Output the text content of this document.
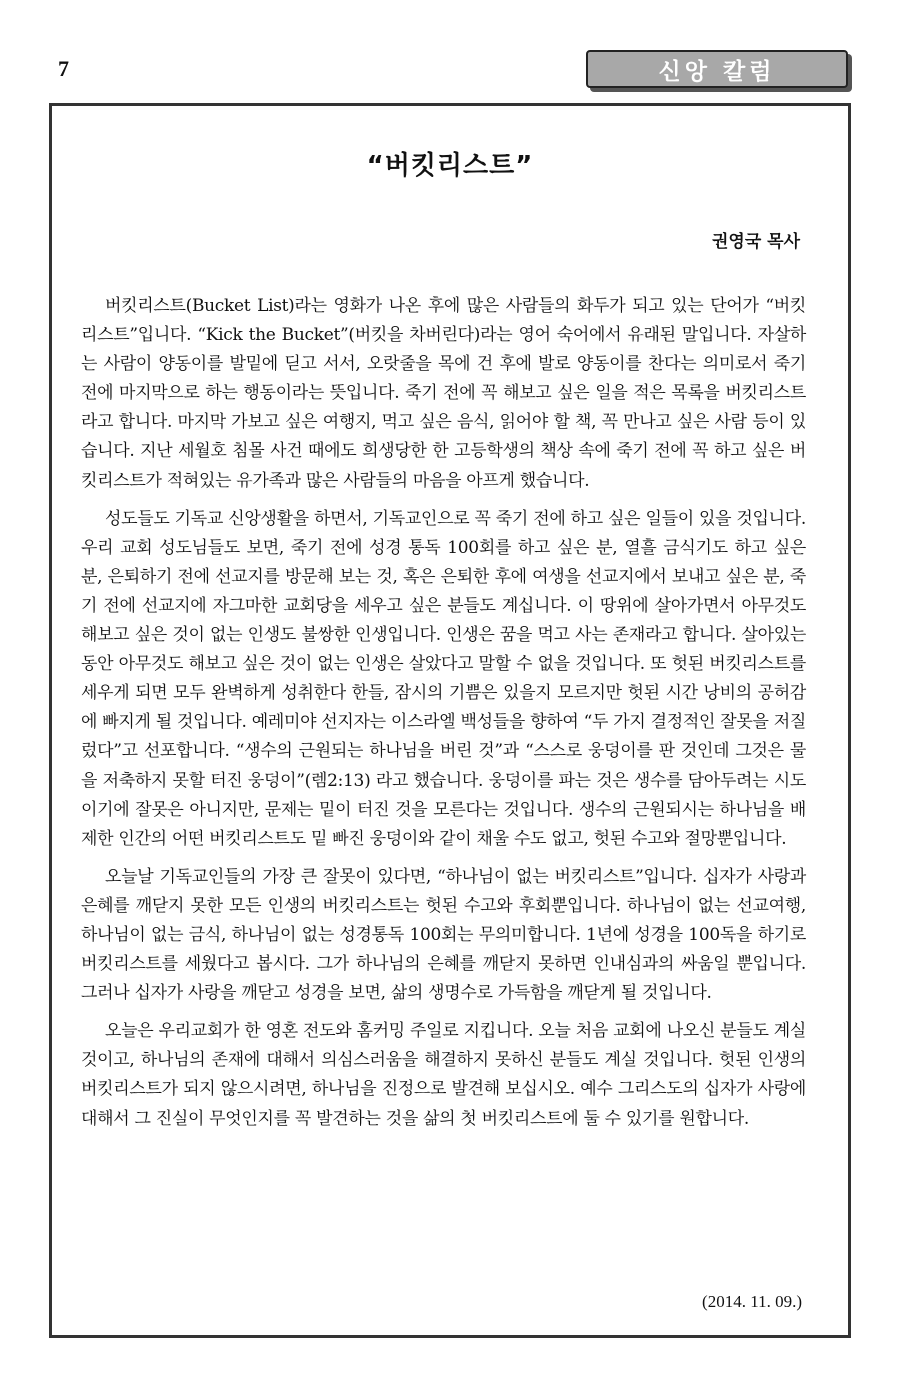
7	신앙 칼럼
“버킷리스트”
권영국 목사

버킷리스트(Bucket List)라는 영화가 나온 후에 많은 사람들의 화두가 되고 있는 단어가 “버킷 리스트”입니다. “Kick the Bucket”(버킷을 차버린다)라는 영어 숙어에서 유래된 말입니다. 자살하는 사람이 양동이를 발밑에 딛고 서서, 오랏줄을 목에 건 후에 발로 양동이를 찬다는 의미로서 죽기 전에 마지막으로 하는 행동이라는 뜻입니다. 죽기 전에 꼭 해보고 싶은 일을 적은 목록을 버킷리스트라고 합니다. 마지막 가보고 싶은 여행지, 먹고 싶은 음식, 읽어야 할 책, 꼭 만나고 싶은 사람 등이 있습니다. 지난 세월호 침몰 사건 때에도 희생당한 한 고등학생의 책상 속에 죽기 전에 꼭 하고 싶은 버킷리스트가 적혀있는 유가족과 많은 사람들의 마음을 아프게 했습니다.

성도들도 기독교 신앙생활을 하면서, 기독교인으로 꼭 죽기 전에 하고 싶은 일들이 있을 것입니다. 우리 교회 성도님들도 보면, 죽기 전에 성경 통독 100회를 하고 싶은 분, 열흘 금식기도 하고 싶은 분, 은퇴하기 전에 선교지를 방문해 보는 것, 혹은 은퇴한 후에 여생을 선교지에서 보내고 싶은 분, 죽기 전에 선교지에 자그마한 교회당을 세우고 싶은 분들도 계십니다. 이 땅위에 살아가면서 아무것도 해보고 싶은 것이 없는 인생도 불쌍한 인생입니다. 인생은 꿈을 먹고 사는 존재라고 합니다. 살아있는 동안 아무것도 해보고 싶은 것이 없는 인생은 살았다고 말할 수 없을 것입니다. 또 헛된 버킷리스트를 세우게 되면 모두 완벽하게 성취한다 한들, 잠시의 기쁨은 있을지 모르지만 헛된 시간 낭비의 공허감에 빠지게 될 것입니다. 예레미야 선지자는 이스라엘 백성들을 향하여 “두 가지 결정적인 잘못을 저질렀다”고 선포합니다. “생수의 근원되는 하나님을 버린 것”과 “스스로 웅덩이를 판 것인데 그것은 물을 저축하지 못할 터진 웅덩이”(렘2:13) 라고 했습니다. 웅덩이를 파는 것은 생수를 담아두려는 시도이기에 잘못은 아니지만, 문제는 밑이 터진 것을 모른다는 것입니다. 생수의 근원되시는 하나님을 배제한 인간의 어떤 버킷리스트도 밑 빠진 웅덩이와 같이 채울 수도 없고, 헛된 수고와 절망뿐입니다.

오늘날 기독교인들의 가장 큰 잘못이 있다면, “하나님이 없는 버킷리스트”입니다. 십자가 사랑과 은혜를 깨닫지 못한 모든 인생의 버킷리스트는 헛된 수고와 후회뿐입니다. 하나님이 없는 선교여행, 하나님이 없는 금식, 하나님이 없는 성경통독 100회는 무의미합니다. 1년에 성경을 100독을 하기로 버킷리스트를 세웠다고 봅시다. 그가 하나님의 은혜를 깨닫지 못하면 인내심과의 싸움일 뿐입니다. 그러나 십자가 사랑을 깨닫고 성경을 보면, 삶의 생명수로 가득함을 깨닫게 될 것입니다.

오늘은 우리교회가 한 영혼 전도와 홈커밍 주일로 지킵니다. 오늘 처음 교회에 나오신 분들도 계실 것이고, 하나님의 존재에 대해서 의심스러움을 해결하지 못하신 분들도 계실 것입니다. 헛된 인생의 버킷리스트가 되지 않으시려면, 하나님을 진정으로 발견해 보십시오. 예수 그리스도의 십자가 사랑에 대해서 그 진실이 무엇인지를 꼭 발견하는 것을 삶의 첫 버킷리스트에 둘 수 있기를 원합니다.

(2014. 11. 09.)
